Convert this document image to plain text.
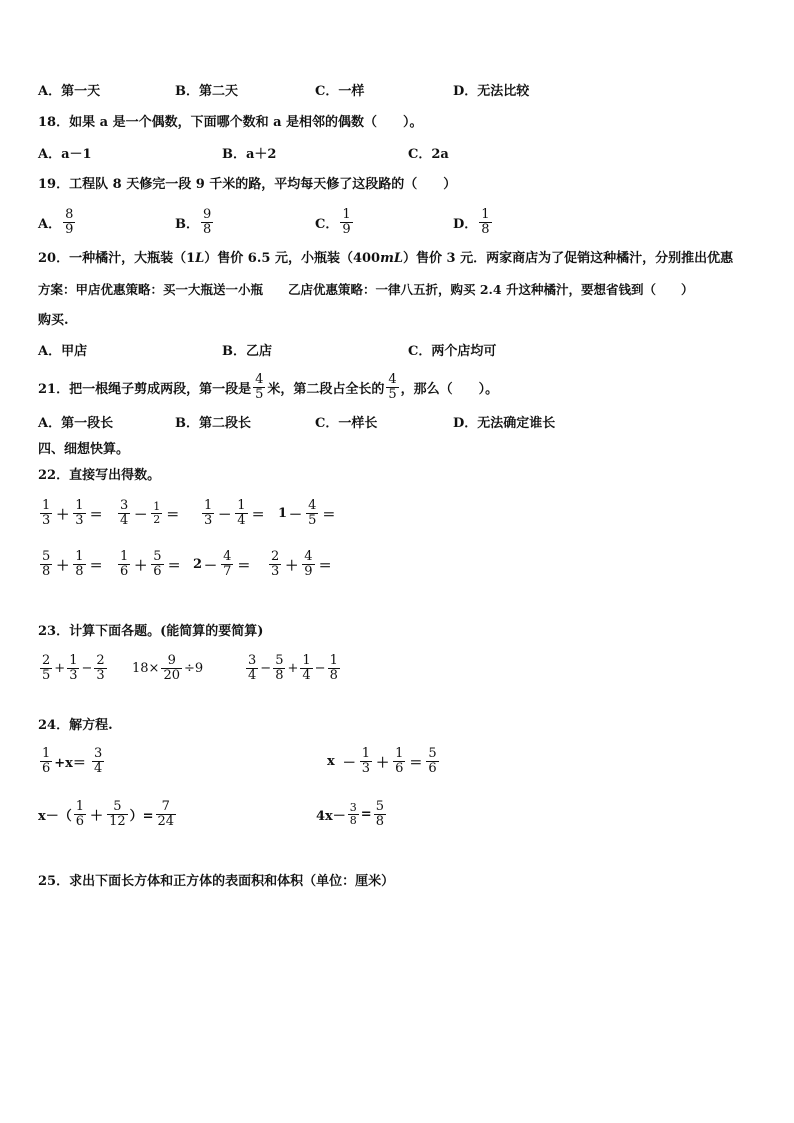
A．第一天	B．第二天	C．一样	D．无法比较
18．如果 a 是一个偶数，下面哪个数和 a 是相邻的偶数（　　）。
A．a－1	B．a＋2	C．2a
19．工程队 8 天修完一段 9 千米的路，平均每天修了这段路的（　　）
A． $\frac{8}{9}$	B． $\frac{9}{8}$	C． $\frac{1}{9}$	D． $\frac{1}{8}$
20．一种橘汁，大瓶装（1L）售价 6.5 元，小瓶装（400mL）售价 3 元．两家商店为了促销这种橘汁，分别推出优惠
方案：甲店优惠策略：买一大瓶送一小瓶　　乙店优惠策略：一律八五折，购买 2.4 升这种橘汁，要想省钱到（　　）
购买.
A．甲店	B．乙店	C．两个店均可
21．把一根绳子剪成两段，第一段是 $\frac{4}{5}$ 米，第二段占全长的 $\frac{4}{5}$ ，那么（　　）。
A．第一段长	B．第二段长	C．一样长	D．无法确定谁长
四、细想快算。
22．直接写出得数。
$\frac{1}{3} + \frac{1}{3} = \frac{3}{4} - \frac{1}{2} = \frac{1}{3} - \frac{1}{4} = 1 - \frac{4}{5}$ ＝
$\frac{5}{8} + \frac{1}{8} = \frac{1}{6} + \frac{5}{6} = 2 - \frac{4}{7} = \frac{2}{3} + \frac{4}{9}$ ＝
23．计算下面各题。(能简算的要简算)
$\frac{2}{5} + \frac{1}{3} - \frac{2}{3} 18\times \frac{9}{20} \div 9$	$\frac{3}{4} - \frac{5}{8} + \frac{1}{4} - \frac{1}{8}$
24．解方程.
$\frac{1}{6} +x= \frac{3}{4}$	$x - \frac{1}{3} + \frac{1}{6} = \frac{5}{6}$
$x-( \frac{1}{6} + \frac{5}{12}$ ）= $\frac{7}{24}$	$4x- \frac{3}{8} = \frac{5}{8}$
25．求出下面长方体和正方体的表面积和体积（单位：厘米）
